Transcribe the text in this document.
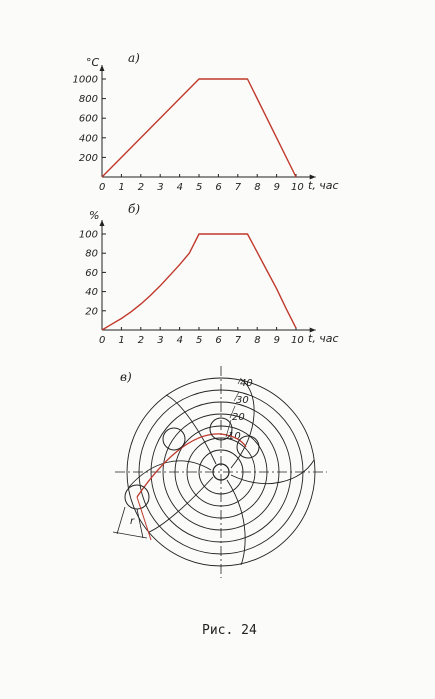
a)
°C
t, час
0 1 2 3 4 5 6 7 8 9 10
200
400
600
800
1000
б)
%
t, час
0 1 2 3 4 5 6 7 8 9 10
20
40
60
80
100
в)	40
30
20
10
r
Рис. 24
